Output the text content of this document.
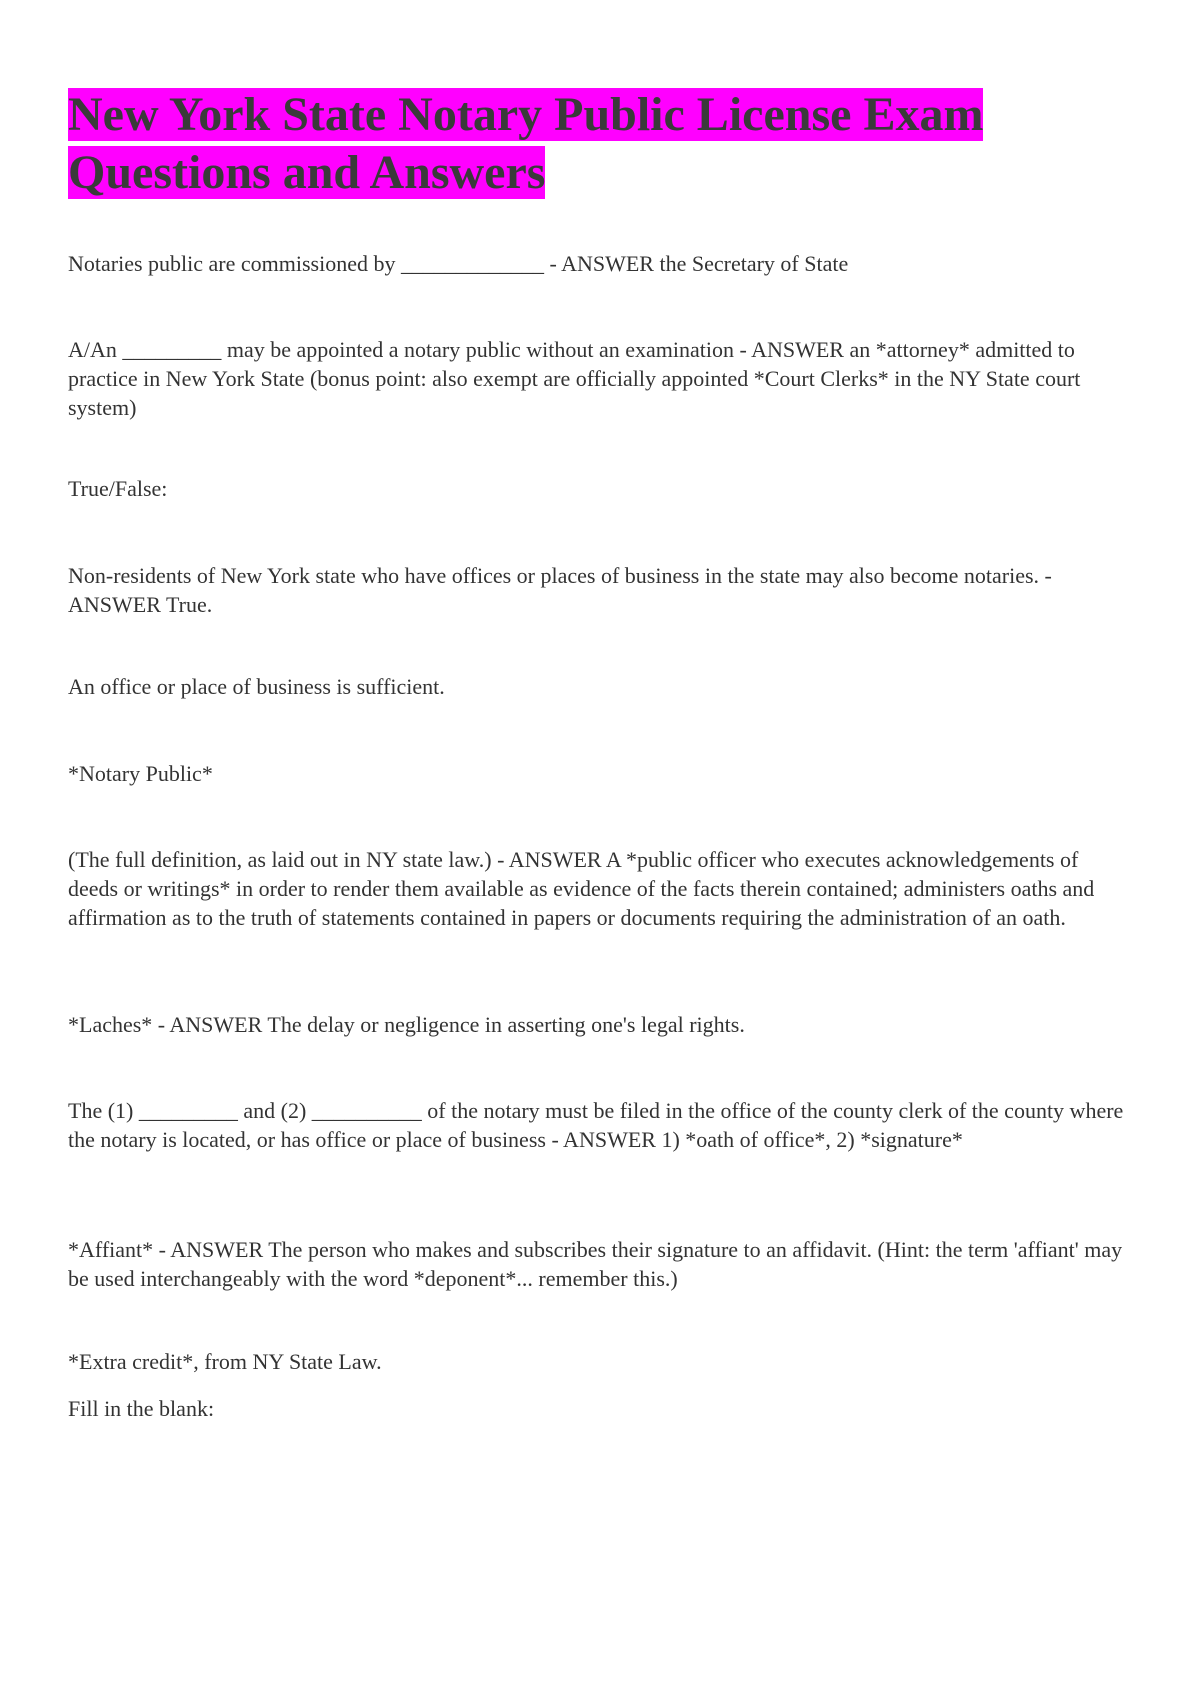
New York State Notary Public License Exam
Questions and Answers

Notaries public are commissioned by _____________ - ANSWER the Secretary of State

A/An _________ may be appointed a notary public without an examination - ANSWER an *attorney* admitted to practice in New York State (bonus point: also exempt are officially appointed *Court Clerks* in the NY State court system)

True/False:

Non-residents of New York state who have offices or places of business in the state may also become notaries. - ANSWER True.

An office or place of business is sufficient.

*Notary Public*

(The full definition, as laid out in NY state law.) - ANSWER A *public officer who executes acknowledgements of deeds or writings* in order to render them available as evidence of the facts therein contained; administers oaths and affirmation as to the truth of statements contained in papers or documents requiring the administration of an oath.

*Laches* - ANSWER The delay or negligence in asserting one's legal rights.

The (1) _________ and (2) __________ of the notary must be filed in the office of the county clerk of the county where the notary is located, or has office or place of business - ANSWER 1) *oath of office*, 2) *signature*

*Affiant* - ANSWER The person who makes and subscribes their signature to an affidavit. (Hint: the term 'affiant' may be used interchangeably with the word *deponent*... remember this.)

*Extra credit*, from NY State Law.

Fill in the blank:
